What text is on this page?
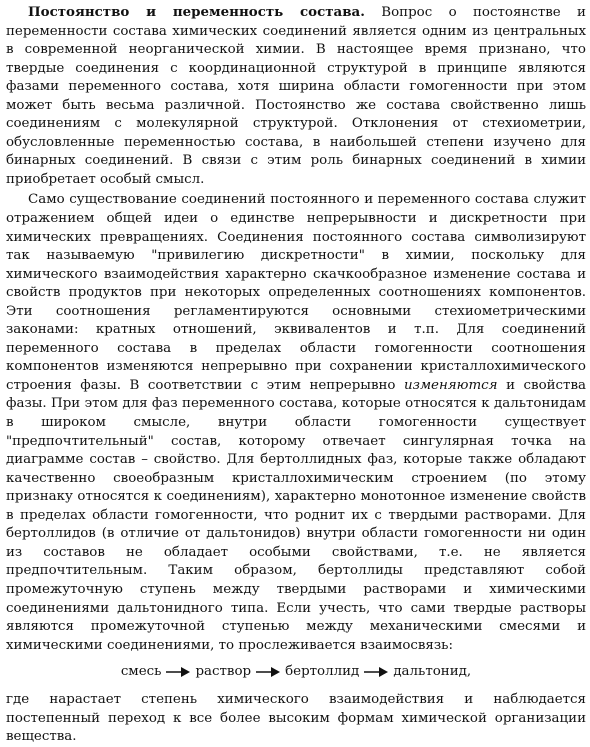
Постоянство и переменность состава. Вопрос о постоянстве и переменности состава химических соединений является одним из центральных в современной неорганической химии. В настоящее время признано, что твердые соединения с координационной структурой в принципе являются фазами переменного состава, хотя ширина области гомогенности при этом может быть весьма различной. Постоянство же состава свойственно лишь соединениям с молекулярной структурой. Отклонения от стехиометрии, обусловленные переменностью состава, в наибольшей степени изучено для бинарных соединений. В связи с этим роль бинарных соединений в химии приобретает особый смысл.

Само существование соединений постоянного и переменного состава служит отражением общей идеи о единстве непрерывности и дискретности при химических превращениях. Соединения постоянного состава символизируют так называемую "привилегию дискретности" в химии, поскольку для химического взаимодействия характерно скачкообразное изменение состава и свойств продуктов при некоторых определенных соотношениях компонентов. Эти соотношения регламентируются основными стехиометрическими законами: кратных отношений, эквивалентов и т.п. Для соединений переменного состава в пределах области гомогенности соотношения компонентов изменяются непрерывно при сохранении кристаллохимического строения фазы. В соответствии с этим непрерывно изменяются и свойства фазы. При этом для фаз переменного состава, которые относятся к дальтонидам в широком смысле, внутри области гомогенности существует "предпочтительный" состав, которому отвечает сингулярная точка на диаграмме состав – свойство. Для бертоллидных фаз, которые также обладают качественно своеобразным кристаллохимическим строением (по этому признаку относятся к соединениям), характерно монотонное изменение свойств в пределах области гомогенности, что роднит их с твердыми растворами. Для бертоллидов (в отличие от дальтонидов) внутри области гомогенности ни один из составов не обладает особыми свойствами, т.е. не является предпочтительным. Таким образом, бертоллиды представляют собой промежуточную ступень между твердыми растворами и химическими соединениями дальтонидного типа. Если учесть, что сами твердые растворы являются промежуточной ступенью между механическими смесями и химическими соединениями, то прослеживается взаимосвязь:

смесь	раствор	бертоллид	дальтонид,

где нарастает степень химического взаимодействия и наблюдается постепенный переход к все более высоким формам химической организации вещества.
